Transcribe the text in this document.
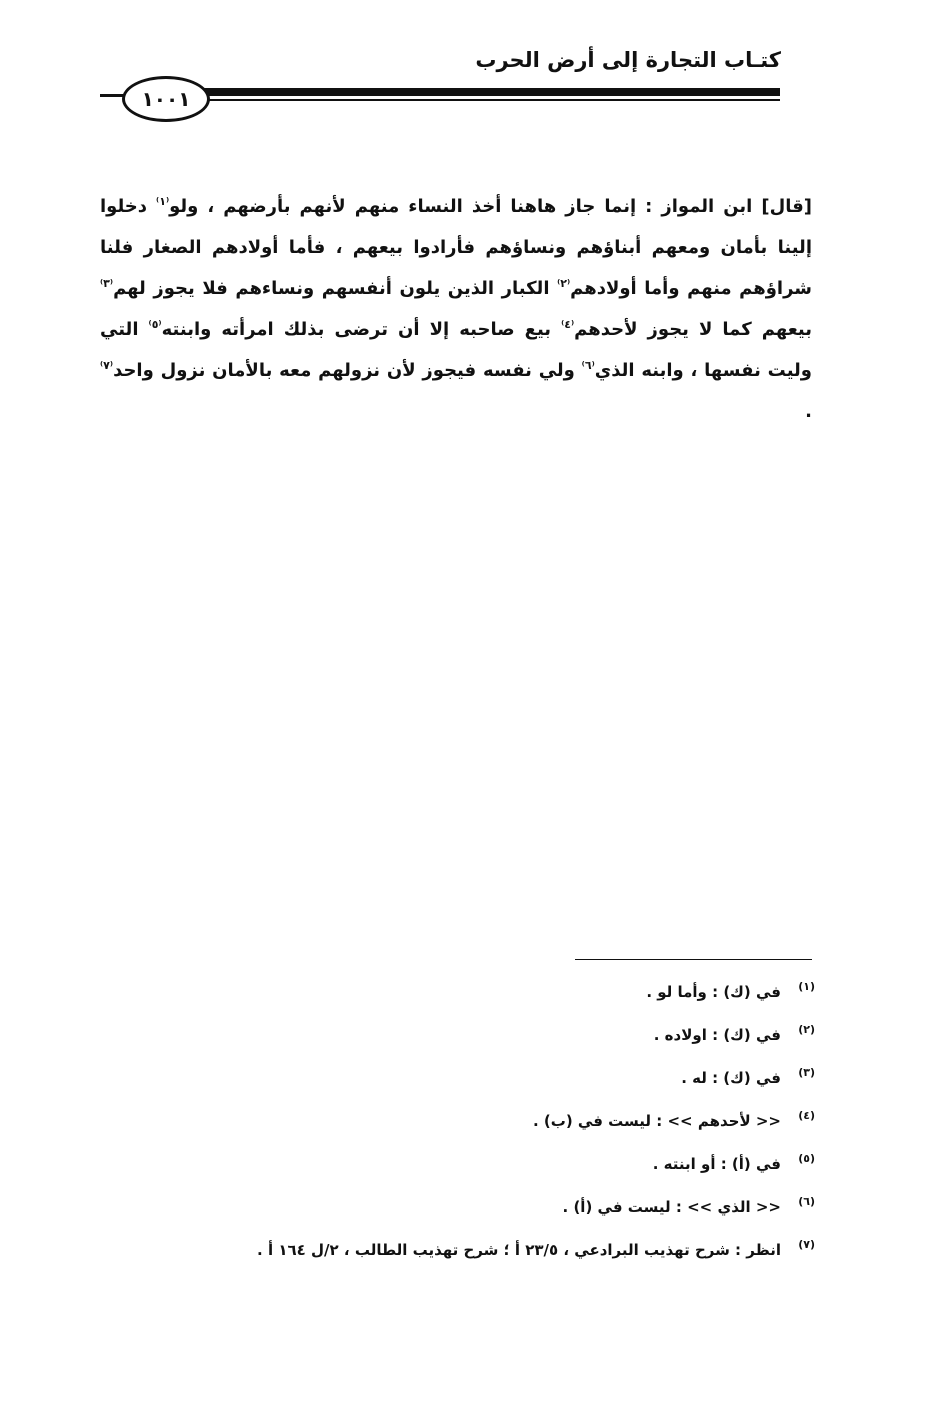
كتـاب التجارة إلى أرض الحرب
١٠٠١

[قال] ابن المواز : إنما جاز هاهنا أخذ النساء منهم لأنهم بأرضهم ، ولو$^{^(١^)}$ دخلوا إلينا بأمان ومعهم أبناؤهم ونساؤهم فأرادوا بيعهم ، فأما أولادهم الصغار فلنا شراؤهم منهم وأما أولادهم$^{^(٢^)}$ الكبار الذين يلون أنفسهم ونساءهم فلا يجوز لهم$^{^(٣^)}$ بيعهم كما لا يجوز لأحدهم$^{^(٤^)}$ بيع صاحبه إلا أن ترضى بذلك امرأته وابنته$^{^(٥^)}$ التي وليت نفسها ، وابنه الذي$^{^(٦^)}$ ولي نفسه فيجوز لأن نزولهم معه بالأمان نزول واحد$^{^(٧^)}$ .

(١)
في (ك) : وأما لو .
(٢)
في (ك) : اولاده .
(٣)
في (ك) : له .
(٤)
<< لأحدهم >> : ليست في (ب) .
(٥)
في (أ) : أو ابنته .
(٦)
<< الذي >> : ليست في (أ) .
(٧)
انظر : شرح تهذيب البرادعي ، ٢٣/٥ أ ؛ شرح تهذيب الطالب ، ٢/ل ١٦٤ أ .
